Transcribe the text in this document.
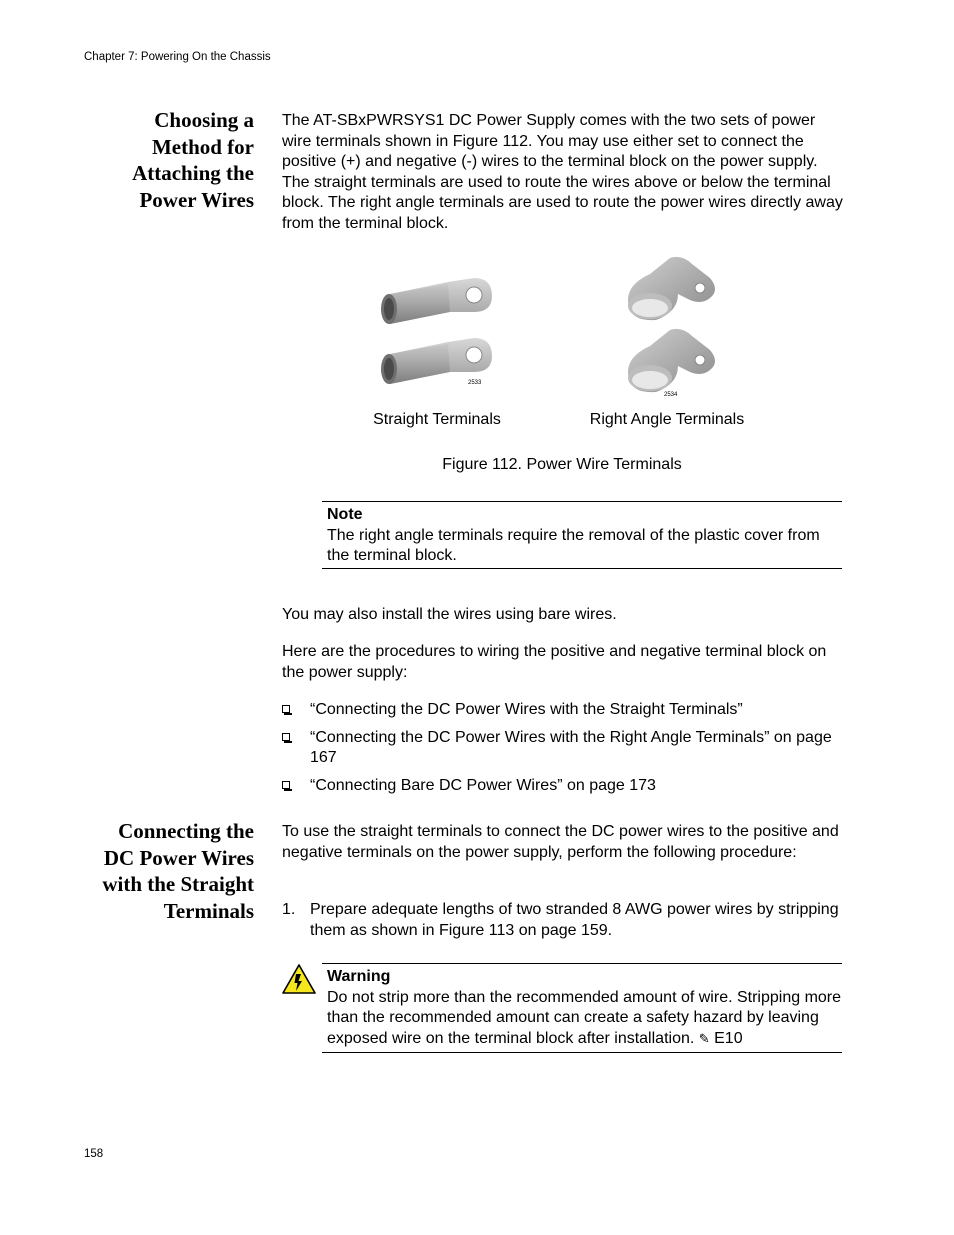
Chapter 7: Powering On the Chassis
Choosing a
Method for
Attaching the
Power Wires
The AT-SBxPWRSYS1 DC Power Supply comes with the two sets of power wire terminals shown in Figure 112. You may use either set to connect the positive (+) and negative (-) wires to the terminal block on the power supply. The straight terminals are used to route the wires above or below the terminal block. The right angle terminals are used to route the power wires directly away from the terminal block.
2533
2534
Straight Terminals	Right Angle Terminals
Figure 112. Power Wire Terminals
Note
The right angle terminals require the removal of the plastic cover from the terminal block.
You may also install the wires using bare wires.
Here are the procedures to wiring the positive and negative terminal block on the power supply:
“Connecting the DC Power Wires with the Straight Terminals”
“Connecting the DC Power Wires with the Right Angle Terminals” on page 167
“Connecting Bare DC Power Wires” on page 173
Connecting the
DC Power Wires
with the Straight
Terminals
To use the straight terminals to connect the DC power wires to the positive and negative terminals on the power supply, perform the following procedure:
1. Prepare adequate lengths of two stranded 8 AWG power wires by stripping them as shown in Figure 113 on page 159.
Warning
Do not strip more than the recommended amount of wire. Stripping more than the recommended amount can create a safety hazard by leaving exposed wire on the terminal block after installation. ✎ E10
158
